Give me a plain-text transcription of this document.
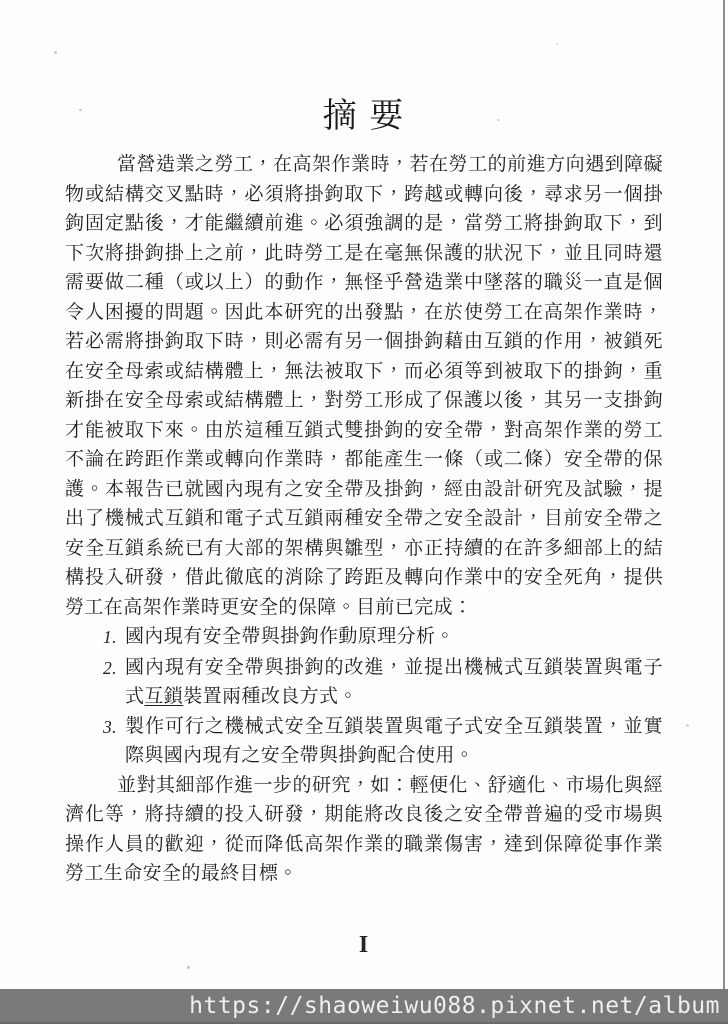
摘 要

當營造業之勞工，在高架作業時，若在勞工的前進方向遇到障礙物或結構交叉點時，必須將掛鉤取下，跨越或轉向後，尋求另一個掛鉤固定點後，才能繼續前進。必須強調的是，當勞工將掛鉤取下，到下次將掛鉤掛上之前，此時勞工是在毫無保護的狀況下，並且同時還需要做二種（或以上）的動作，無怪乎營造業中墜落的職災一直是個令人困擾的問題。因此本研究的出發點，在於使勞工在高架作業時，若必需將掛鉤取下時，則必需有另一個掛鉤藉由互鎖的作用，被鎖死在安全母索或結構體上，無法被取下，而必須等到被取下的掛鉤，重新掛在安全母索或結構體上，對勞工形成了保護以後，其另一支掛鉤才能被取下來。由於這種互鎖式雙掛鉤的安全帶，對高架作業的勞工不論在跨距作業或轉向作業時，都能產生一條（或二條）安全帶的保護。本報告已就國內現有之安全帶及掛鉤，經由設計研究及試驗，提出了機械式互鎖和電子式互鎖兩種安全帶之安全設計，目前安全帶之安全互鎖系統已有大部的架構與雛型，亦正持續的在許多細部上的結構投入研發，借此徹底的消除了跨距及轉向作業中的安全死角，提供勞工在高架作業時更安全的保障。目前已完成：

1. 國內現有安全帶與掛鉤作動原理分析。
2. 國內現有安全帶與掛鉤的改進，並提出機械式互鎖裝置與電子式互鎖裝置兩種改良方式。
3. 製作可行之機械式安全互鎖裝置與電子式安全互鎖裝置，並實際與國內現有之安全帶與掛鉤配合使用。

並對其細部作進一步的研究，如：輕便化、舒適化、市場化與經濟化等，將持續的投入研發，期能將改良後之安全帶普遍的受市場與操作人員的歡迎，從而降低高架作業的職業傷害，達到保障從事作業勞工生命安全的最終目標。

I
https://shaoweiwu088.pixnet.net/album
